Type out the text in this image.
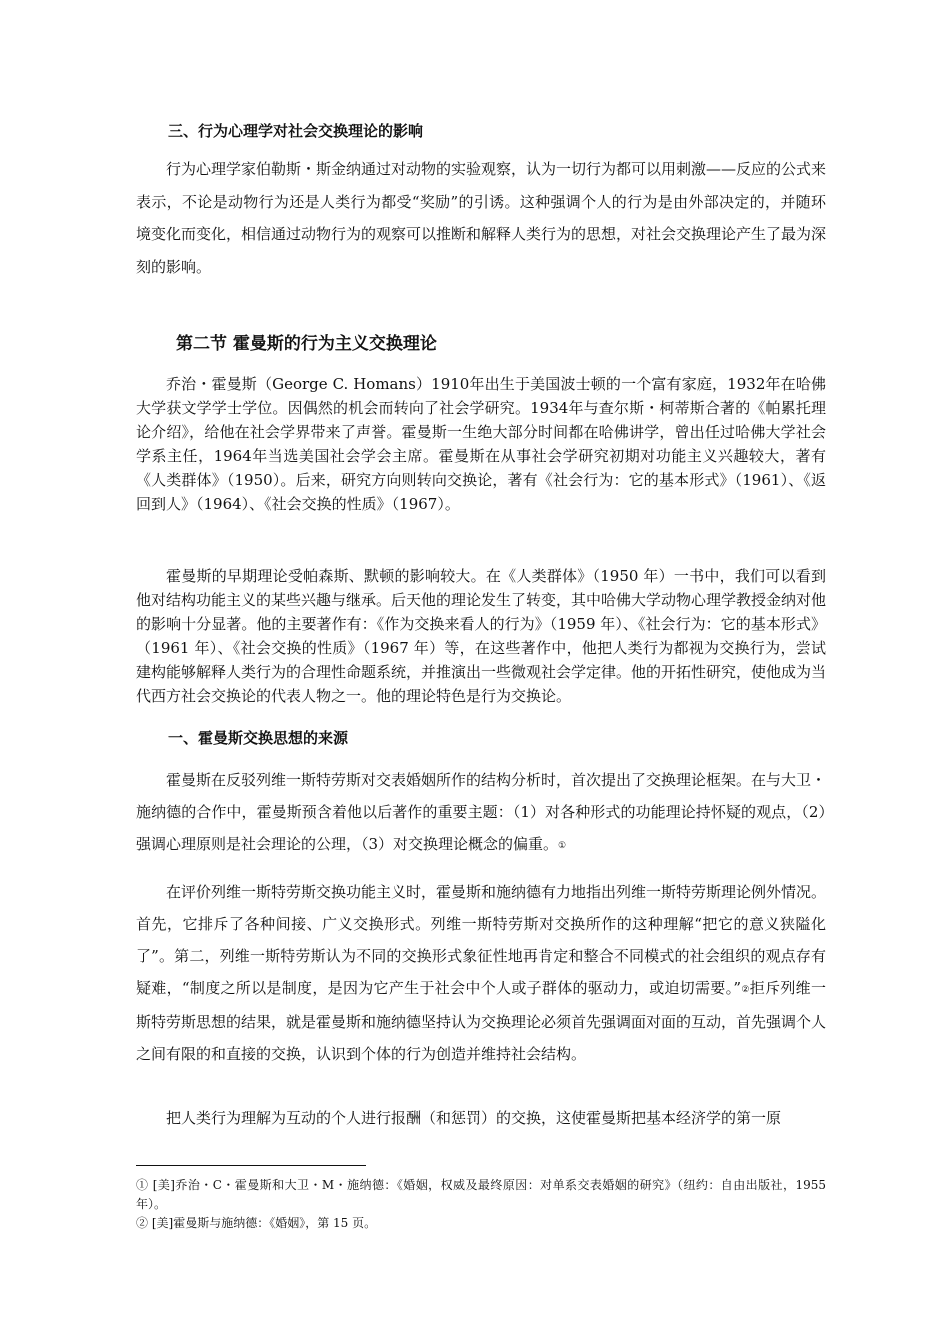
三、行为心理学对社会交换理论的影响

行为心理学家伯勒斯・斯金纳通过对动物的实验观察，认为一切行为都可以用刺激——反应的公式来表示，不论是动物行为还是人类行为都受“奖励”的引诱。这种强调个人的行为是由外部决定的，并随环境变化而变化，相信通过动物行为的观察可以推断和解释人类行为的思想，对社会交换理论产生了最为深刻的影响。

第二节 霍曼斯的行为主义交换理论

乔治・霍曼斯（George C. Homans）1910年出生于美国波士顿的一个富有家庭，1932年在哈佛大学获文学学士学位。因偶然的机会而转向了社会学研究。1934年与查尔斯・柯蒂斯合著的《帕累托理论介绍》，给他在社会学界带来了声誉。霍曼斯一生绝大部分时间都在哈佛讲学，曾出任过哈佛大学社会学系主任，1964年当选美国社会学会主席。霍曼斯在从事社会学研究初期对功能主义兴趣较大，著有《人类群体》（1950）。后来，研究方向则转向交换论，著有《社会行为：它的基本形式》（1961）、《返回到人》（1964）、《社会交换的性质》（1967）。

霍曼斯的早期理论受帕森斯、默顿的影响较大。在《人类群体》（1950 年）一书中，我们可以看到他对结构功能主义的某些兴趣与继承。后天他的理论发生了转变，其中哈佛大学动物心理学教授金纳对他的影响十分显著。他的主要著作有：《作为交换来看人的行为》（1959 年）、《社会行为：它的基本形式》（1961 年）、《社会交换的性质》（1967 年）等，在这些著作中，他把人类行为都视为交换行为，尝试建构能够解释人类行为的合理性命题系统，并推演出一些微观社会学定律。他的开拓性研究，使他成为当代西方社会交换论的代表人物之一。他的理论特色是行为交换论。

一、霍曼斯交换思想的来源

霍曼斯在反驳列维一斯特劳斯对交表婚姻所作的结构分析时，首次提出了交换理论框架。在与大卫・施纳德的合作中，霍曼斯预含着他以后著作的重要主题：（1）对各种形式的功能理论持怀疑的观点，（2）强调心理原则是社会理论的公理，（3）对交换理论概念的偏重。①

在评价列维一斯特劳斯交换功能主义时，霍曼斯和施纳德有力地指出列维一斯特劳斯理论例外情况。首先，它排斥了各种间接、广义交换形式。列维一斯特劳斯对交换所作的这种理解“把它的意义狭隘化了”。第二，列维一斯特劳斯认为不同的交换形式象征性地再肯定和整合不同模式的社会组织的观点存有疑难，“制度之所以是制度，是因为它产生于社会中个人或子群体的驱动力，或迫切需要。”②拒斥列维一斯特劳斯思想的结果，就是霍曼斯和施纳德坚持认为交换理论必须首先强调面对面的互动，首先强调个人之间有限的和直接的交换，认识到个体的行为创造并维持社会结构。

把人类行为理解为互动的个人进行报酬（和惩罚）的交换，这使霍曼斯把基本经济学的第一原

① [美]乔治・C・霍曼斯和大卫・M・施纳德：《婚姻，权威及最终原因：对单系交表婚姻的研究》（纽约：自由出版社，1955 年）。

② [美]霍曼斯与施纳德：《婚姻》，第 15 页。
